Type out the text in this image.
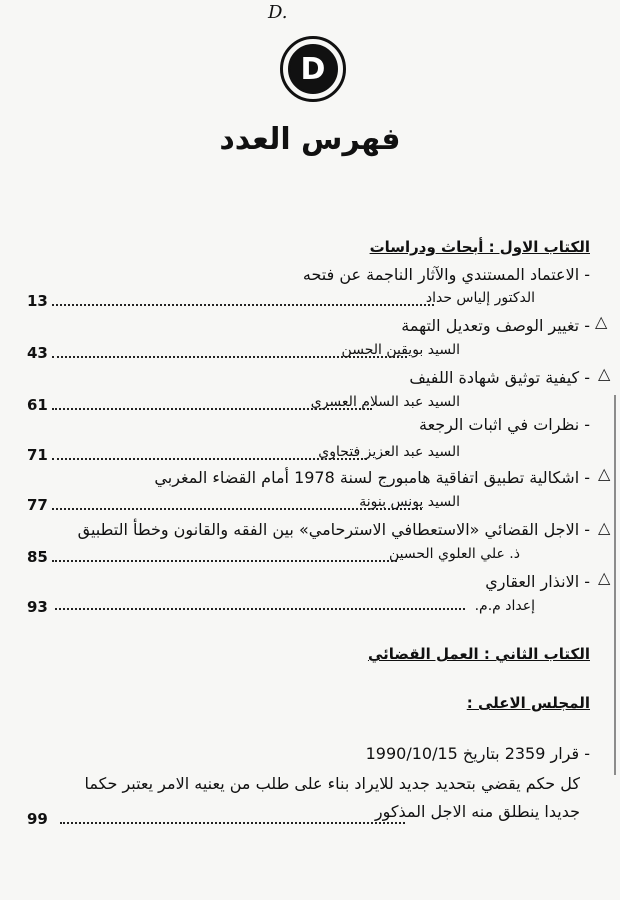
D.
D
فهرس العدد
الكتاب الاول : أبحاث ودراسات
- الاعتماد المستندي والآثار الناجمة عن فتحه
الدكتور إلياس حداد
13
△
- تغيير الوصف وتعديل التهمة
السيد بويقين الحسن
43
△
- كيفية توثيق شهادة اللفيف
السيد عبد السلام العسري
61
- نظرات في اثبات الرجعة
السيد عبد العزيز فتحاوي
71
△
- اشكالية تطبيق اتفاقية هامبورج لسنة 1978 أمام القضاء المغربي
السيد يونس بنونة
77
△
- الاجل القضائي «الاستعطافي الاسترحامي» بين الفقه والقانون وخطأ التطبيق
ذ. علي العلوي الحسين
85
△
- الانذار العقاري
إعداد م.م.
93
الكتاب الثاني : العمل القضائي
المجلس الاعلى :
- قرار 2359 بتاريخ 1990/10/15
كل حكم يقضي بتحديد جديد للايراد بناء على طلب من يعنيه الامر يعتبر حكما
جديدا ينطلق منه الاجل المذكور
99
